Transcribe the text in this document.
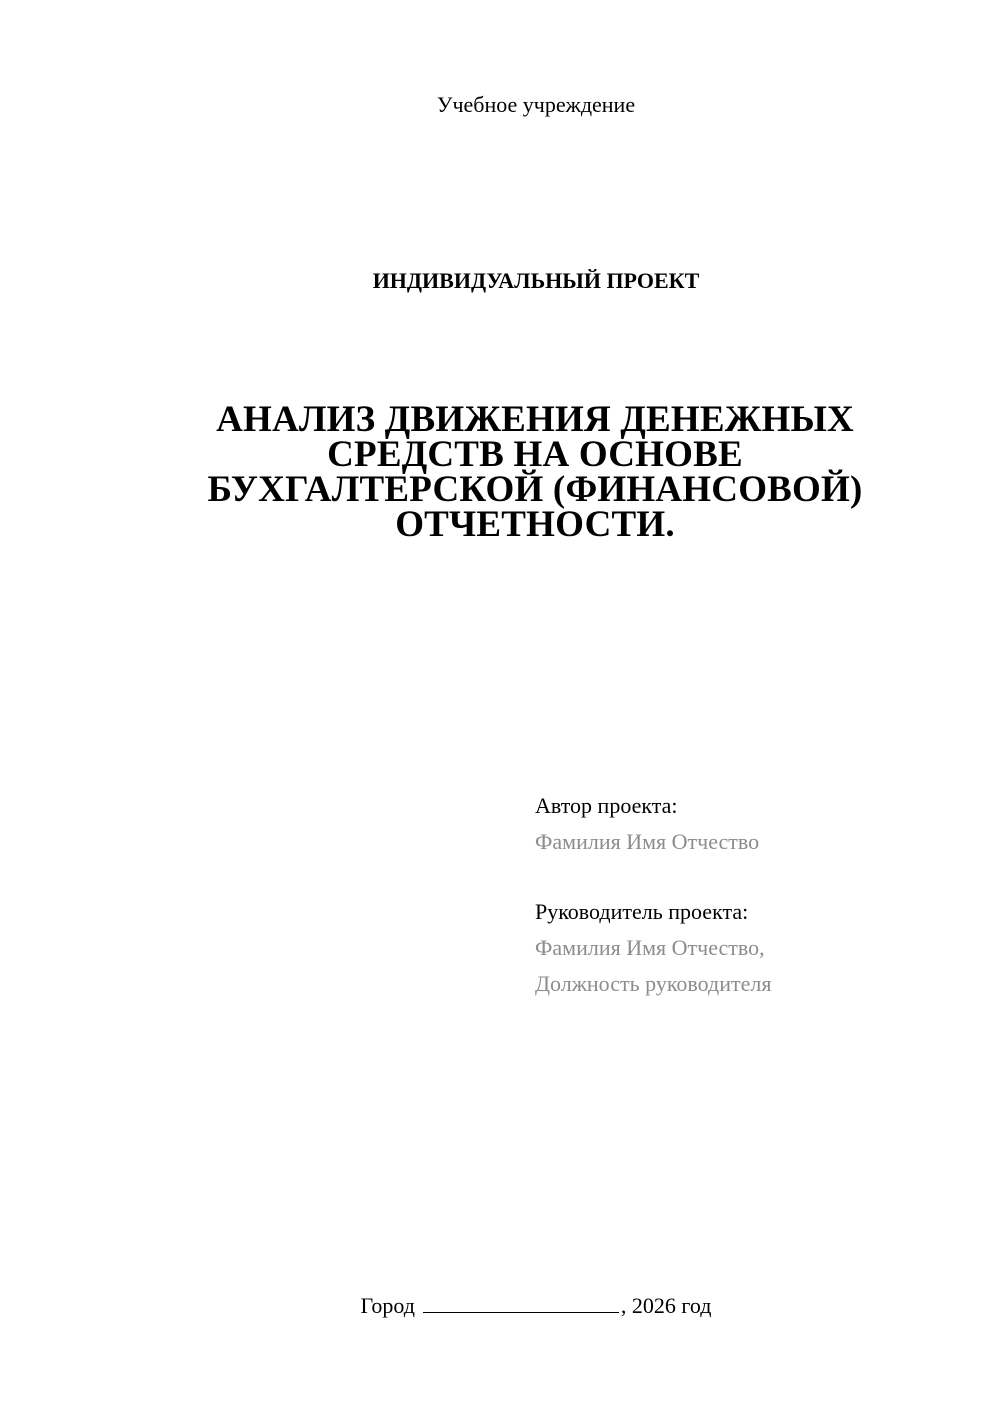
Учебное учреждение
ИНДИВИДУАЛЬНЫЙ ПРОЕКТ
АНАЛИЗ ДВИЖЕНИЯ ДЕНЕЖНЫХ
СРЕДСТВ НА ОСНОВЕ
БУХГАЛТЕРСКОЙ (ФИНАНСОВОЙ)
ОТЧЕТНОСТИ.
Автор проекта:
Фамилия Имя Отчество
Руководитель проекта:
Фамилия Имя Отчество,
Должность руководителя
Город	, 2026 год
